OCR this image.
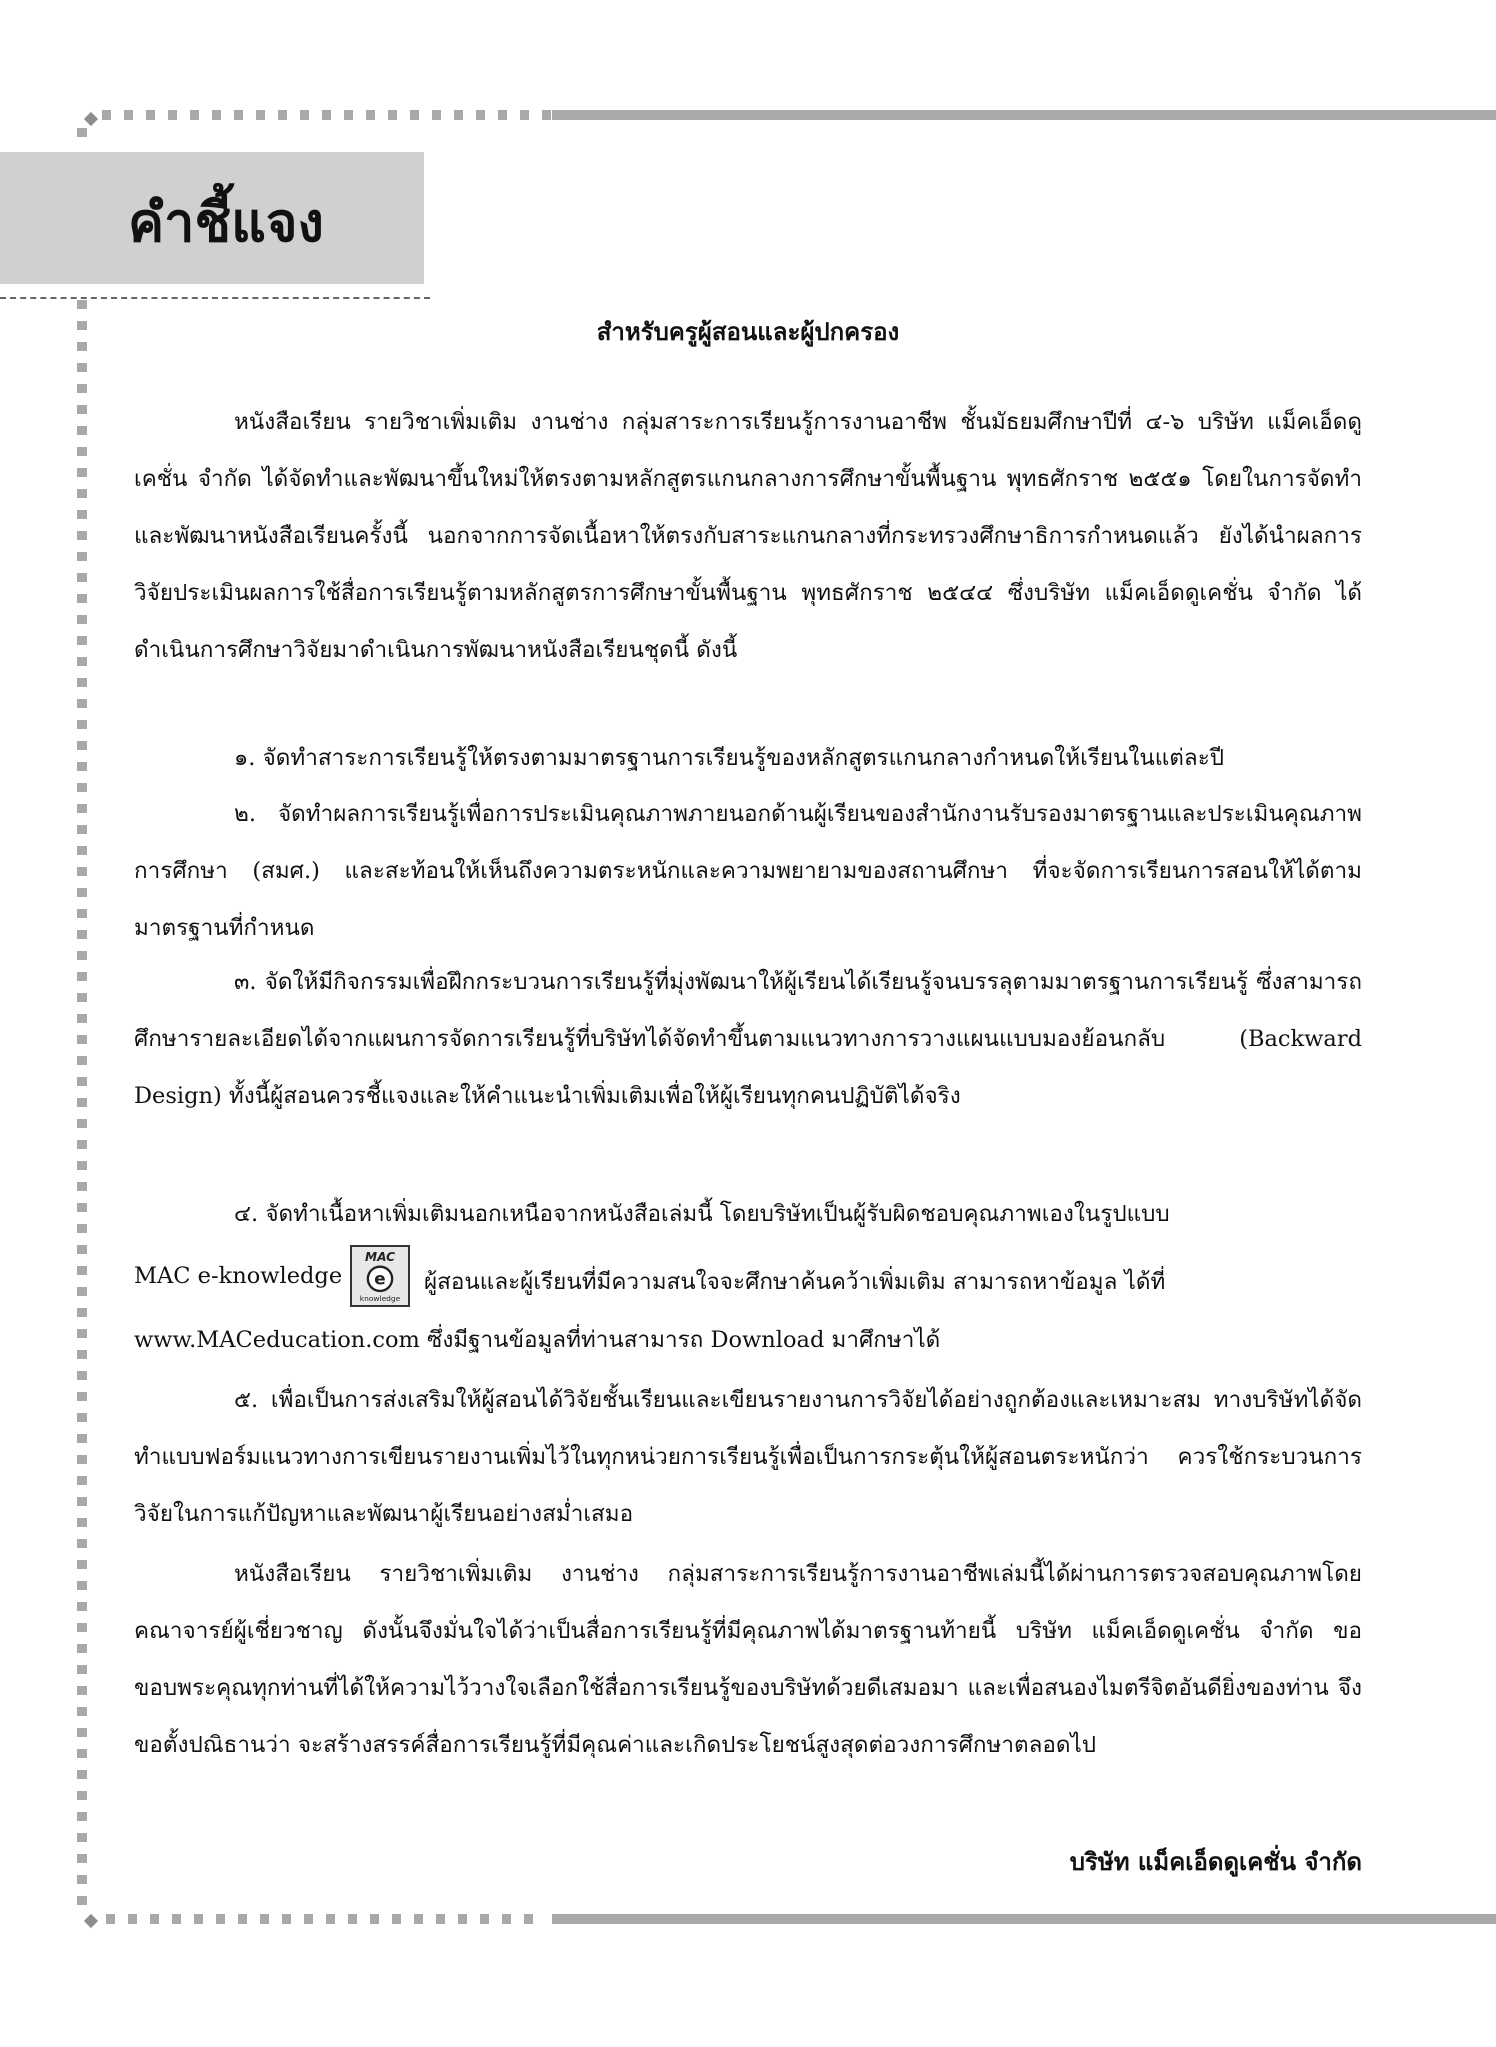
คำชี้แจง
สำหรับครูผู้สอนและผู้ปกครอง

หนังสือเรียน รายวิชาเพิ่มเติม งานช่าง กลุ่มสาระการเรียนรู้การงานอาชีพ ชั้นมัธยมศึกษาปีที่ ๔-๖ บริษัท แม็คเอ็ดดูเคชั่น จำกัด ได้จัดทำและพัฒนาขึ้นใหม่ให้ตรงตามหลักสูตรแกนกลางการศึกษาขั้นพื้นฐาน พุทธศักราช ๒๕๕๑ โดยในการจัดทำและพัฒนาหนังสือเรียนครั้งนี้ นอกจากการจัดเนื้อหาให้ตรงกับสาระแกนกลางที่กระทรวงศึกษาธิการกำหนดแล้ว ยังได้นำผลการวิจัยประเมินผลการใช้สื่อการเรียนรู้ตามหลักสูตรการศึกษาขั้นพื้นฐาน พุทธศักราช ๒๕๔๔ ซึ่งบริษัท แม็คเอ็ดดูเคชั่น จำกัด ได้ดำเนินการศึกษาวิจัยมาดำเนินการพัฒนาหนังสือเรียนชุดนี้ ดังนี้

๑. จัดทำสาระการเรียนรู้ให้ตรงตามมาตรฐานการเรียนรู้ของหลักสูตรแกนกลางกำหนดให้เรียนในแต่ละปี

๒. จัดทำผลการเรียนรู้เพื่อการประเมินคุณภาพภายนอกด้านผู้เรียนของสำนักงานรับรองมาตรฐานและประเมินคุณภาพการศึกษา (สมศ.) และสะท้อนให้เห็นถึงความตระหนักและความพยายามของสถานศึกษา ที่จะจัดการเรียนการสอนให้ได้ตามมาตรฐานที่กำหนด

๓. จัดให้มีกิจกรรมเพื่อฝึกกระบวนการเรียนรู้ที่มุ่งพัฒนาให้ผู้เรียนได้เรียนรู้จนบรรลุตามมาตรฐานการเรียนรู้ ซึ่งสามารถศึกษารายละเอียดได้จากแผนการจัดการเรียนรู้ที่บริษัทได้จัดทำขึ้นตามแนวทางการวางแผนแบบมองย้อนกลับ (Backward Design) ทั้งนี้ผู้สอนควรชี้แจงและให้คำแนะนำเพิ่มเติมเพื่อให้ผู้เรียนทุกคนปฏิบัติได้จริง

๔. จัดทำเนื้อหาเพิ่มเติมนอกเหนือจากหนังสือเล่มนี้ โดยบริษัทเป็นผู้รับผิดชอบคุณภาพเองในรูปแบบ

MAC e-knowledge
MAC
e
knowledge
ผู้สอนและผู้เรียนที่มีความสนใจจะศึกษาค้นคว้าเพิ่มเติม สามารถหาข้อมูล ได้ที่

www.MACeducation.com ซึ่งมีฐานข้อมูลที่ท่านสามารถ Download มาศึกษาได้

๕. เพื่อเป็นการส่งเสริมให้ผู้สอนได้วิจัยชั้นเรียนและเขียนรายงานการวิจัยได้อย่างถูกต้องและเหมาะสม ทางบริษัทได้จัดทำแบบฟอร์มแนวทางการเขียนรายงานเพิ่มไว้ในทุกหน่วยการเรียนรู้เพื่อเป็นการกระตุ้นให้ผู้สอนตระหนักว่า ควรใช้กระบวนการวิจัยในการแก้ปัญหาและพัฒนาผู้เรียนอย่างสม่ำเสมอ

หนังสือเรียน รายวิชาเพิ่มเติม งานช่าง กลุ่มสาระการเรียนรู้การงานอาชีพเล่มนี้ได้ผ่านการตรวจสอบคุณภาพโดยคณาจารย์ผู้เชี่ยวชาญ ดังนั้นจึงมั่นใจได้ว่าเป็นสื่อการเรียนรู้ที่มีคุณภาพได้มาตรฐานท้ายนี้ บริษัท แม็คเอ็ดดูเคชั่น จำกัด ขอขอบพระคุณทุกท่านที่ได้ให้ความไว้วางใจเลือกใช้สื่อการเรียนรู้ของบริษัทด้วยดีเสมอมา และเพื่อสนองไมตรีจิตอันดียิ่งของท่าน จึงขอตั้งปณิธานว่า จะสร้างสรรค์สื่อการเรียนรู้ที่มีคุณค่าและเกิดประโยชน์สูงสุดต่อวงการศึกษาตลอดไป

บริษัท แม็คเอ็ดดูเคชั่น จำกัด
